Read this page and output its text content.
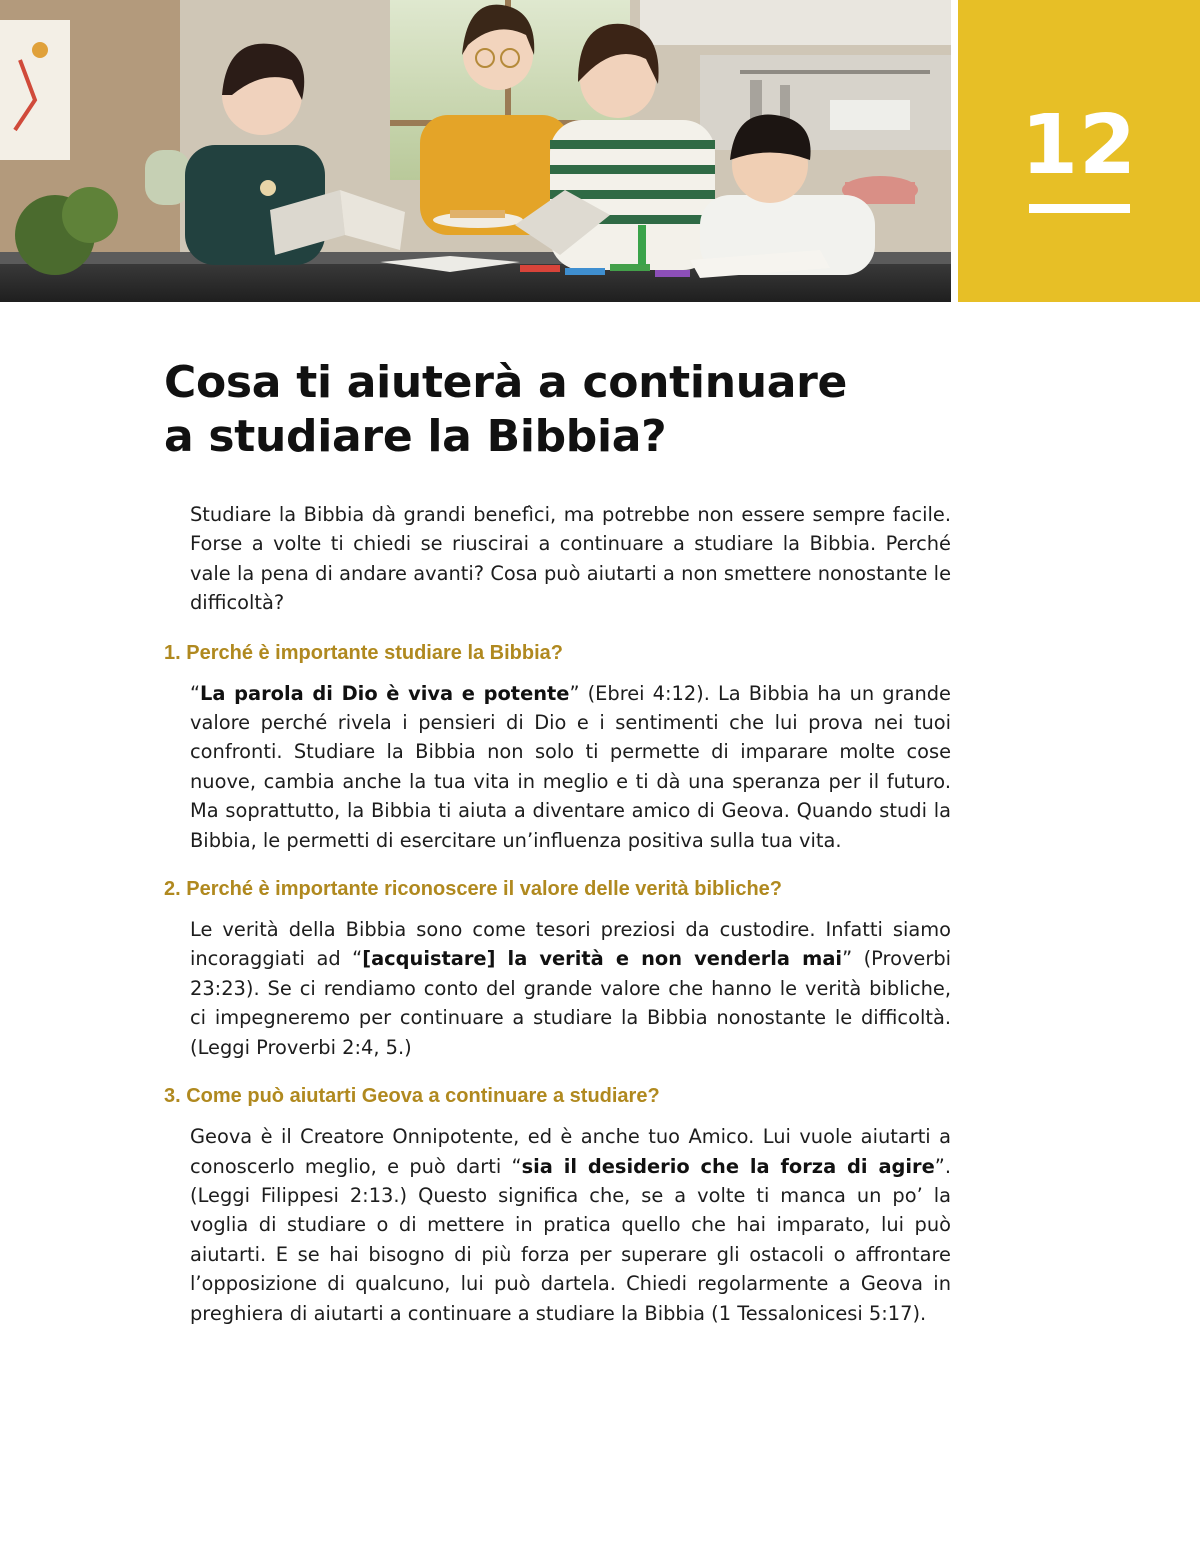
12
Cosa ti aiuterà a continuare
a studiare la Bibbia?

Studiare la Bibbia dà grandi benefìci, ma potrebbe non essere sempre facile. Forse a volte ti chiedi se riuscirai a continuare a studiare la Bibbia. Perché vale la pena di andare avanti? Cosa può aiutarti a non smettere nonostante le difficoltà?

1. Perché è importante studiare la Bibbia?

“La parola di Dio è viva e potente” (Ebrei 4:12). La Bibbia ha un grande valore perché rivela i pensieri di Dio e i sentimenti che lui prova nei tuoi confronti. Studiare la Bibbia non solo ti permette di imparare molte cose nuove, cambia anche la tua vita in meglio e ti dà una speranza per il futuro. Ma soprattutto, la Bibbia ti aiuta a diventare amico di Geova. Quando studi la Bibbia, le permetti di esercitare un’influenza positiva sulla tua vita.

2. Perché è importante riconoscere il valore delle verità bibliche?

Le verità della Bibbia sono come tesori preziosi da custodire. Infatti siamo incoraggiati ad “[acquistare] la verità e non venderla mai” (Proverbi 23:23). Se ci rendiamo conto del grande valore che hanno le verità bibliche, ci impegneremo per continuare a studiare la Bibbia nonostante le difficoltà. (Leggi Proverbi 2:4, 5.)

3. Come può aiutarti Geova a continuare a studiare?

Geova è il Creatore Onnipotente, ed è anche tuo Amico. Lui vuole aiutarti a conoscerlo meglio, e può darti “sia il desiderio che la forza di agire”. (Leggi Filippesi 2:13.) Questo significa che, se a volte ti manca un po’ la voglia di studiare o di mettere in pratica quello che hai imparato, lui può aiutarti. E se hai bisogno di più forza per superare gli ostacoli o affrontare l’opposizione di qualcuno, lui può dartela. Chiedi regolarmente a Geova in preghiera di aiutarti a continuare a studiare la Bibbia (1 Tessalonicesi 5:17).
